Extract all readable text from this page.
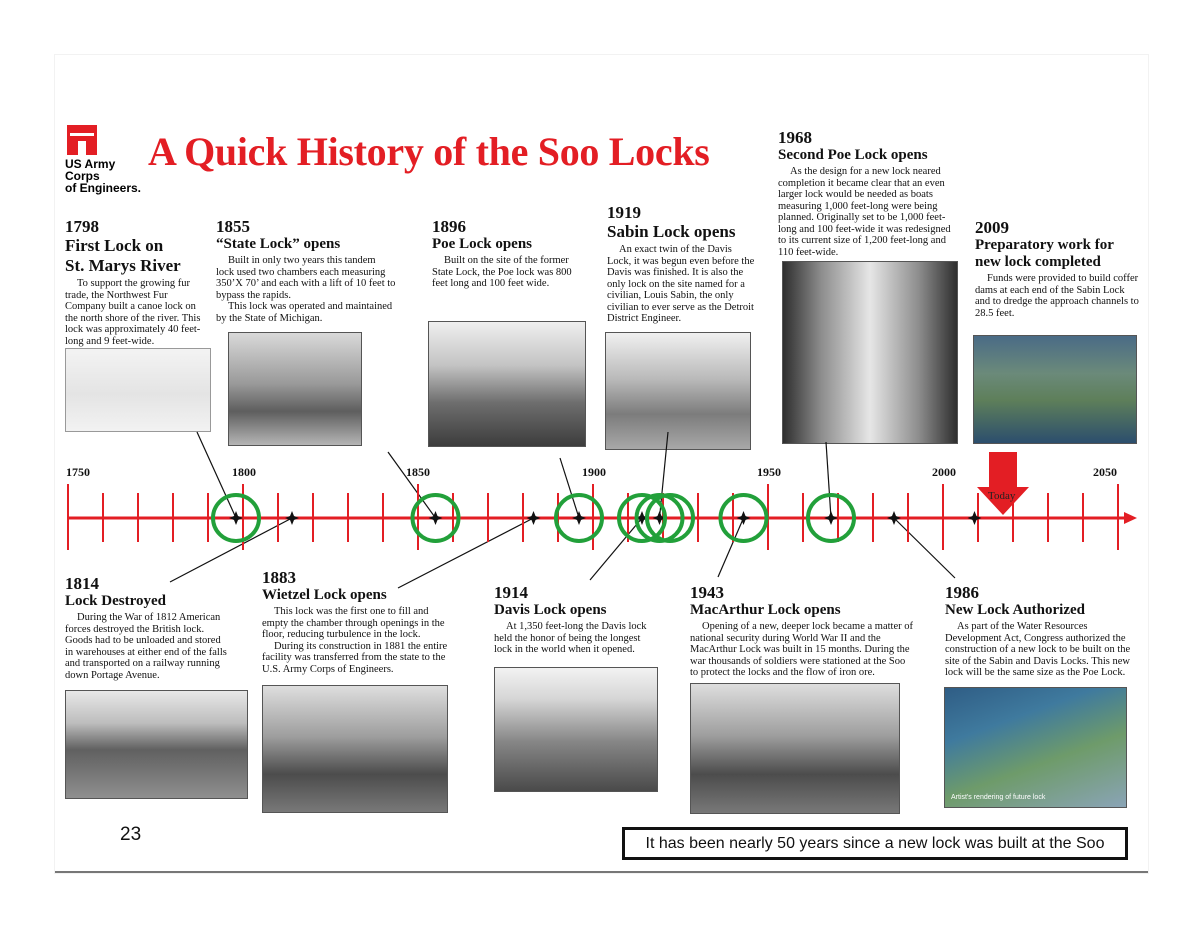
US Army Corps
of Engineers.
A Quick History of the Soo Locks
1798
First Lock on
St. Marys River
To support the growing fur trade, the Northwest Fur Company built a canoe lock on the north shore of the river. This lock was approximately 40 feet-long and 9 feet-wide.
1855
“State Lock” opens
Built in only two years this tandem lock used two chambers each measuring 350’X 70’ and each with a lift of 10 feet to bypass the rapids.
This lock was operated and maintained by the State of Michigan.
1896
Poe Lock opens
Built on the site of the former State Lock, the Poe lock was 800 feet long and 100 feet wide.
1919
Sabin Lock opens
An exact twin of the Davis Lock, it was begun even before the Davis was finished. It is also the only lock on the site named for a civilian, Louis Sabin, the only civilian to ever serve as the Detroit District Engineer.
1968
Second Poe Lock opens
As the design for a new lock neared completion it became clear that an even larger lock would be needed as boats measuring 1,000 feet-long were being planned. Originally set to be 1,000 feet-long and 100 feet-wide it was redesigned to its current size of 1,200 feet-long and 110 feet-wide.
2009
Preparatory work for
new lock completed
Funds were provided to build coffer dams at each end of the Sabin Lock and to dredge the approach channels to 28.5 feet.
1750	1800	1850	1900	1950	2000	2050
Today
1814
Lock Destroyed
During the War of 1812 American forces destroyed the British lock. Goods had to be unloaded and stored in warehouses at either end of the falls and transported on a railway running down Portage Avenue.
1883
Wietzel Lock opens
This lock was the first one to fill and empty the chamber through openings in the floor, reducing turbulence in the lock.
During its construction in 1881 the entire facility was transferred from the state to the U.S. Army Corps of Engineers.
1914
Davis Lock opens
At 1,350 feet-long the Davis lock held the honor of being the longest lock in the world when it opened.
1943
MacArthur Lock opens
Opening of a new, deeper lock became a matter of national security during World War II and the MacArthur Lock was built in 15 months. During the war thousands of soldiers were stationed at the Soo to protect the locks and the flow of iron ore.
1986
New Lock Authorized
As part of the Water Resources Development Act, Congress authorized the construction of a new lock to be built on the site of the Sabin and Davis Locks. This new lock will be the same size as the Poe Lock.
Artist's rendering of future lock
23	It has been nearly 50 years since a new lock was built at the Soo
